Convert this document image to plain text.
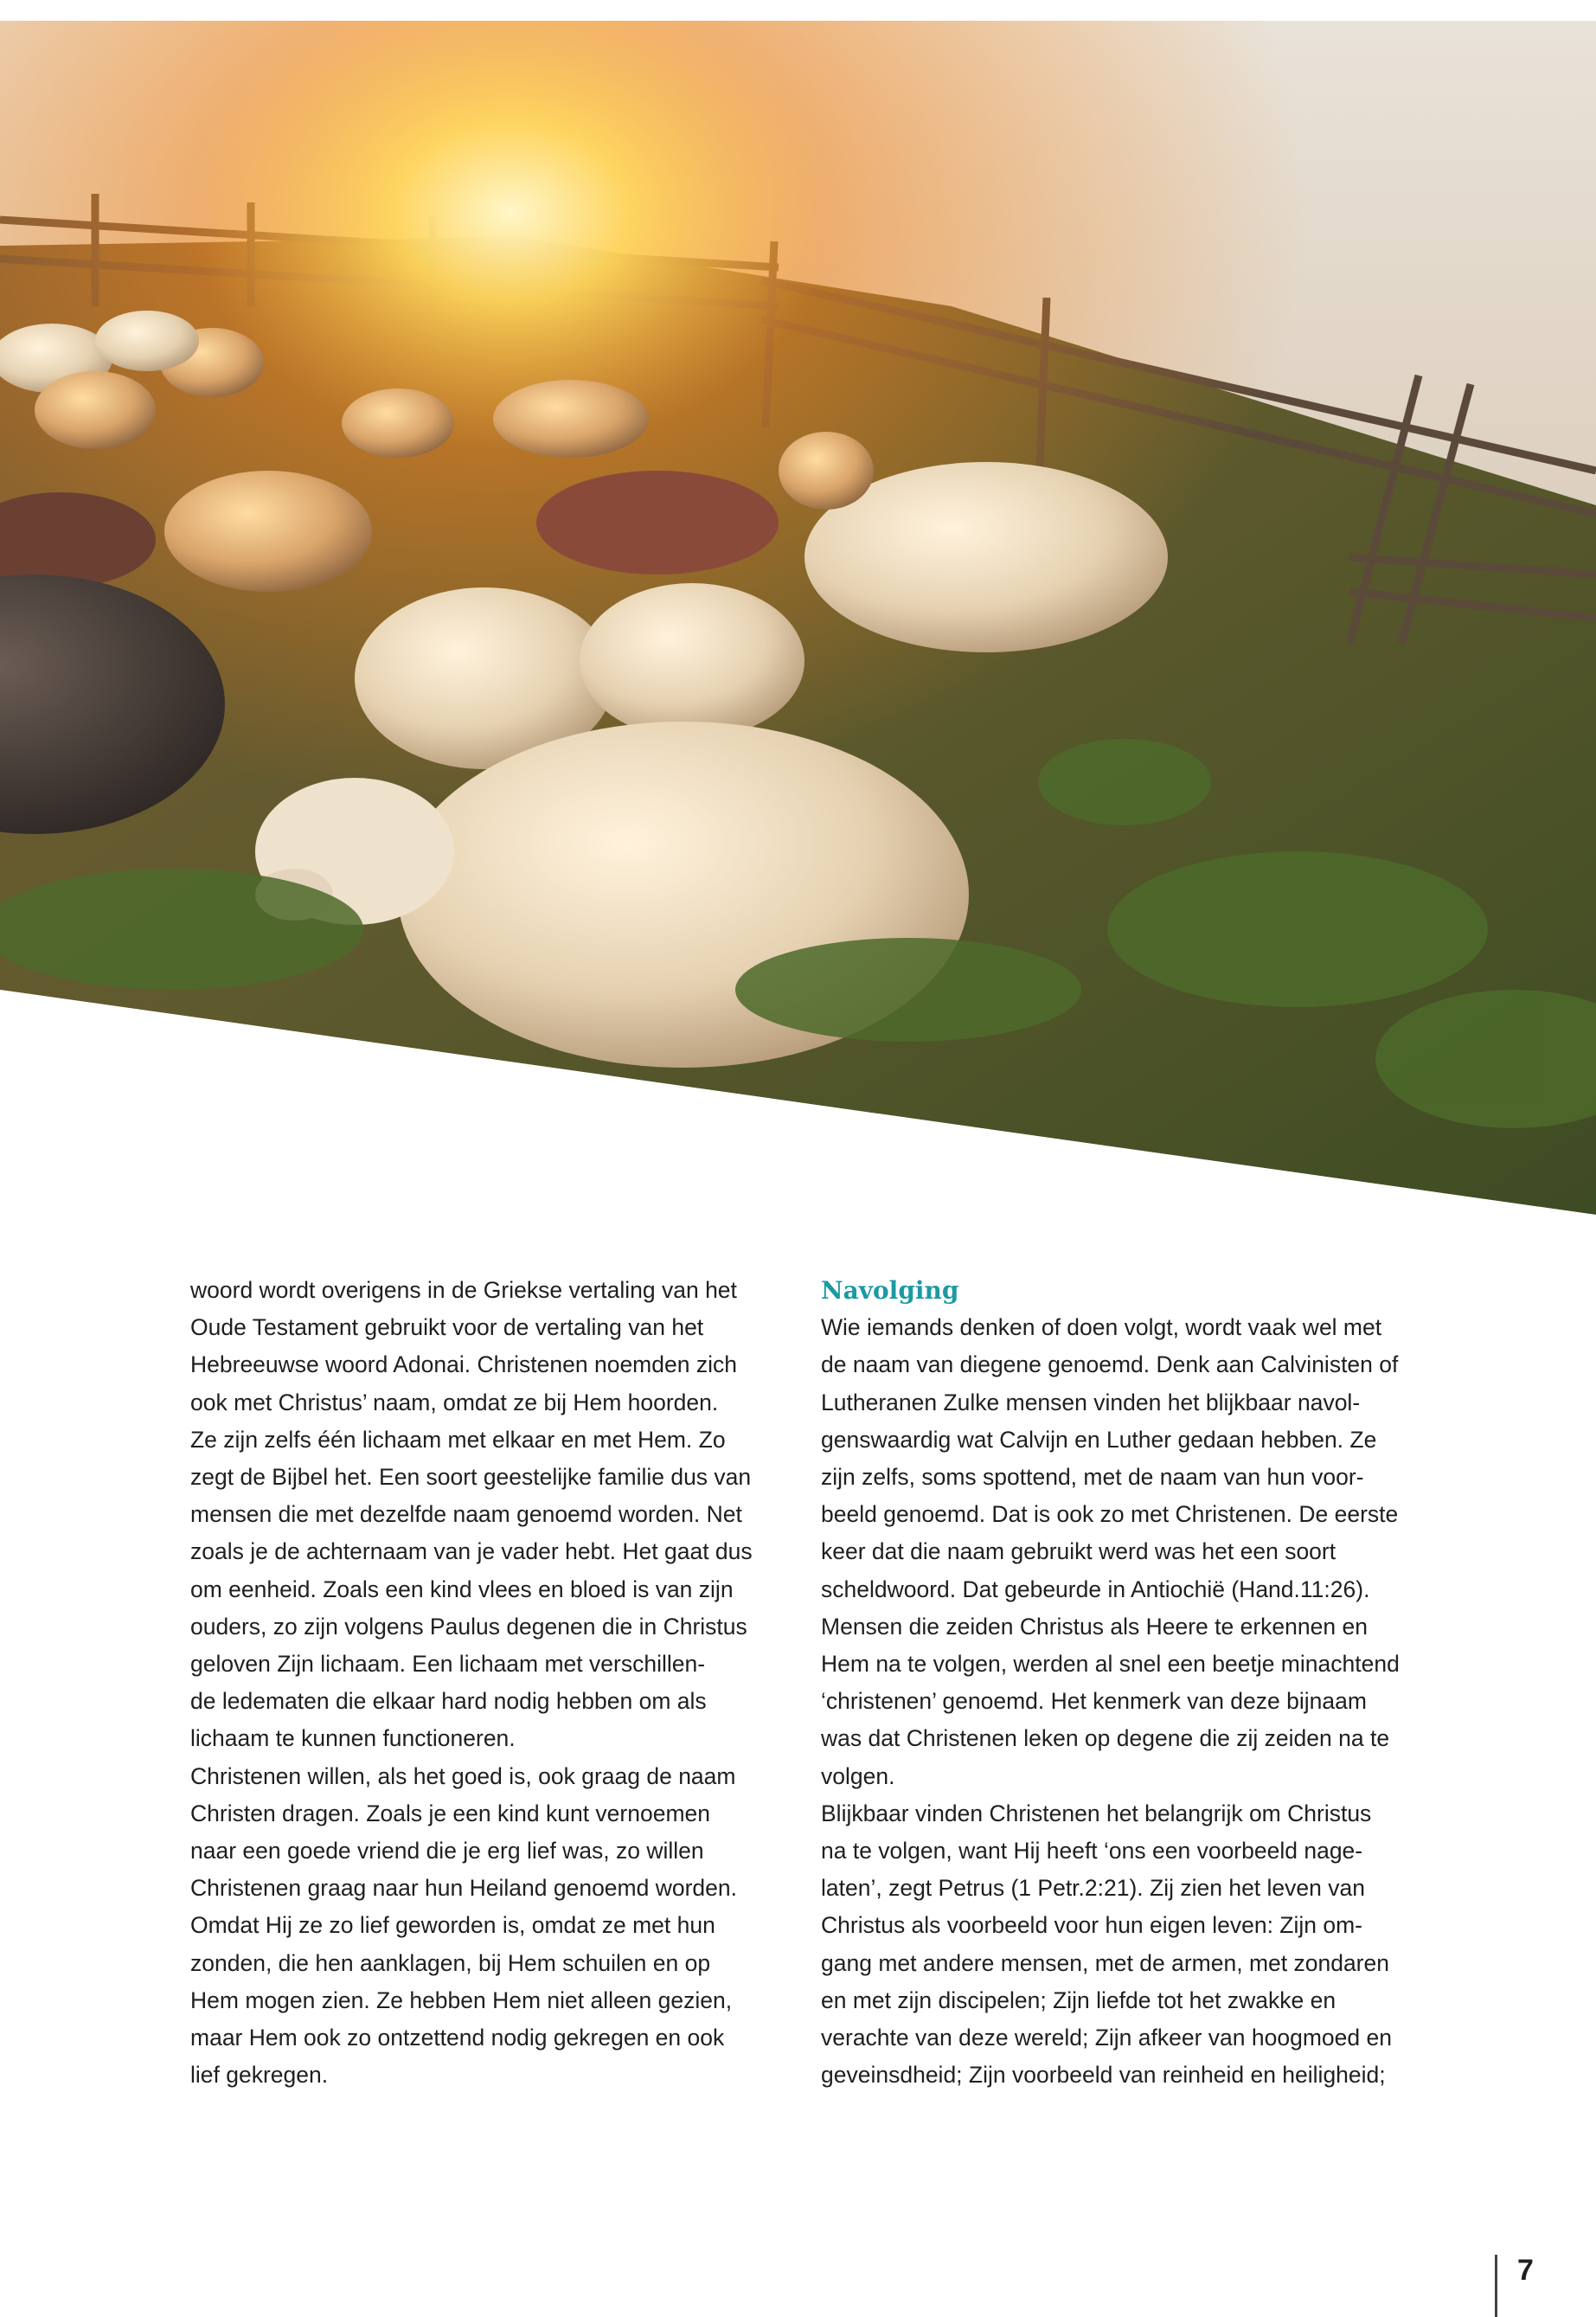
woord wordt overigens in de Griekse vertaling van het

Oude Testament gebruikt voor de vertaling van het

Hebreeuwse woord Adonai. Christenen noemden zich

ook met Christus’ naam, omdat ze bij Hem hoorden.

Ze zijn zelfs één lichaam met elkaar en met Hem. Zo

zegt de Bijbel het. Een soort geestelijke familie dus van

mensen die met dezelfde naam genoemd worden. Net

zoals je de achternaam van je vader hebt. Het gaat dus

om eenheid. Zoals een kind vlees en bloed is van zijn

ouders, zo zijn volgens Paulus degenen die in Christus

geloven Zijn lichaam. Een lichaam met verschillen-

de ledematen die elkaar hard nodig hebben om als

lichaam te kunnen functioneren.

Christenen willen, als het goed is, ook graag de naam

Christen dragen. Zoals je een kind kunt vernoemen

naar een goede vriend die je erg lief was, zo willen

Christenen graag naar hun Heiland genoemd worden.

Omdat Hij ze zo lief geworden is, omdat ze met hun

zonden, die hen aanklagen, bij Hem schuilen en op

Hem mogen zien. Ze hebben Hem niet alleen gezien,

maar Hem ook zo ontzettend nodig gekregen en ook

lief gekregen.

Navolging

Wie iemands denken of doen volgt, wordt vaak wel met

de naam van diegene genoemd. Denk aan Calvinisten of

Lutheranen Zulke mensen vinden het blijkbaar navol-

genswaardig wat Calvijn en Luther gedaan hebben. Ze

zijn zelfs, soms spottend, met de naam van hun voor-

beeld genoemd. Dat is ook zo met Christenen. De eerste

keer dat die naam gebruikt werd was het een soort

scheldwoord. Dat gebeurde in Antiochië (Hand.11:26).

Mensen die zeiden Christus als Heere te erkennen en

Hem na te volgen, werden al snel een beetje minachtend

‘christenen’ genoemd. Het kenmerk van deze bijnaam

was dat Christenen leken op degene die zij zeiden na te

volgen.

Blijkbaar vinden Christenen het belangrijk om Christus

na te volgen, want Hij heeft ‘ons een voorbeeld nage-

laten’, zegt Petrus (1 Petr.2:21). Zij zien het leven van

Christus als voorbeeld voor hun eigen leven: Zijn om-

gang met andere mensen, met de armen, met zondaren

en met zijn discipelen; Zijn liefde tot het zwakke en

verachte van deze wereld; Zijn afkeer van hoogmoed en

geveinsdheid; Zijn voorbeeld van reinheid en heiligheid;

7
